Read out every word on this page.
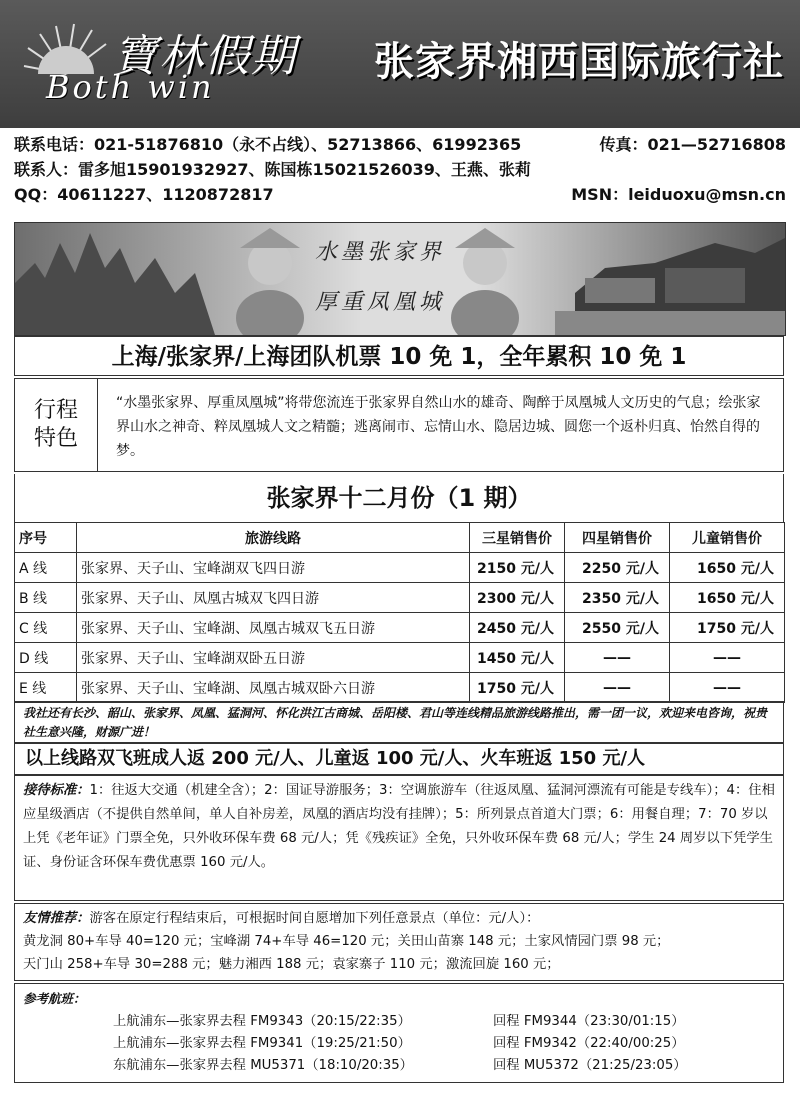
寶林假期
Both win
张家界湘西国际旅行社
联系电话：021-51876810（永不占线）、52713866、61992365	传真：021—52716808
联系人：雷多旭15901932927、陈国栋15021526039、王燕、张莉
QQ：40611227、1120872817	MSN：leiduoxu@msn.cn
水墨张家界
厚重凤凰城
上海/张家界/上海团队机票 10 免 1，全年累积 10 免 1
行程
特色
“水墨张家界、厚重凤凰城”将带您流连于张家界自然山水的雄奇、陶醉于凤凰城人文历史的气息；绘张家界山水之神奇、粹凤凰城人文之精髓；逃离闹市、忘情山水、隐居边城、圆您一个返朴归真、怡然自得的梦。
张家界十二月份（1 期）
序号	旅游线路	三星销售价	四星销售价	儿童销售价
A 线	张家界、天子山、宝峰湖双飞四日游	2150 元/人	2250 元/人	1650 元/人
B 线	张家界、天子山、凤凰古城双飞四日游	2300 元/人	2350 元/人	1650 元/人
C 线	张家界、天子山、宝峰湖、凤凰古城双飞五日游	2450 元/人	2550 元/人	1750 元/人
D 线	张家界、天子山、宝峰湖双卧五日游	1450 元/人	——	——
E 线	张家界、天子山、宝峰湖、凤凰古城双卧六日游	1750 元/人	——	——
我社还有长沙、韶山、张家界、凤凰、猛洞河、怀化洪江古商城、岳阳楼、君山等连线精品旅游线路推出，需一团一议，欢迎来电咨询，祝贵社生意兴隆，财源广进！
以上线路双飞班成人返 200 元/人、儿童返 100 元/人、火车班返 150 元/人
接待标准：1：往返大交通（机建全含）；2：国证导游服务；3：空调旅游车（往返凤凰、猛洞河漂流有可能是专线车）；4：住相应星级酒店（不提供自然单间，单人自补房差，凤凰的酒店均没有挂牌）；5：所列景点首道大门票；6：用餐自理；7：70 岁以上凭《老年证》门票全免，只外收环保车费 68 元/人；凭《残疾证》全免，只外收环保车费 68 元/人；学生 24 周岁以下凭学生证、身份证含环保车费优惠票 160 元/人。
友情推荐：游客在原定行程结束后，可根据时间自愿增加下列任意景点（单位：元/人）：
黄龙洞 80+车导 40=120 元；宝峰湖 74+车导 46=120 元；关田山苗寨 148 元；土家风情园门票 98 元；
天门山 258+车导 30=288 元；魅力湘西 188 元；袁家寨子 110 元；激流回旋 160 元；
参考航班：
上航浦东—张家界去程 FM9343（20:15/22:35）	回程 FM9344（23:30/01:15）
上航浦东—张家界去程 FM9341（19:25/21:50）	回程 FM9342（22:40/00:25）
东航浦东—张家界去程 MU5371（18:10/20:35）	回程 MU5372（21:25/23:05）
